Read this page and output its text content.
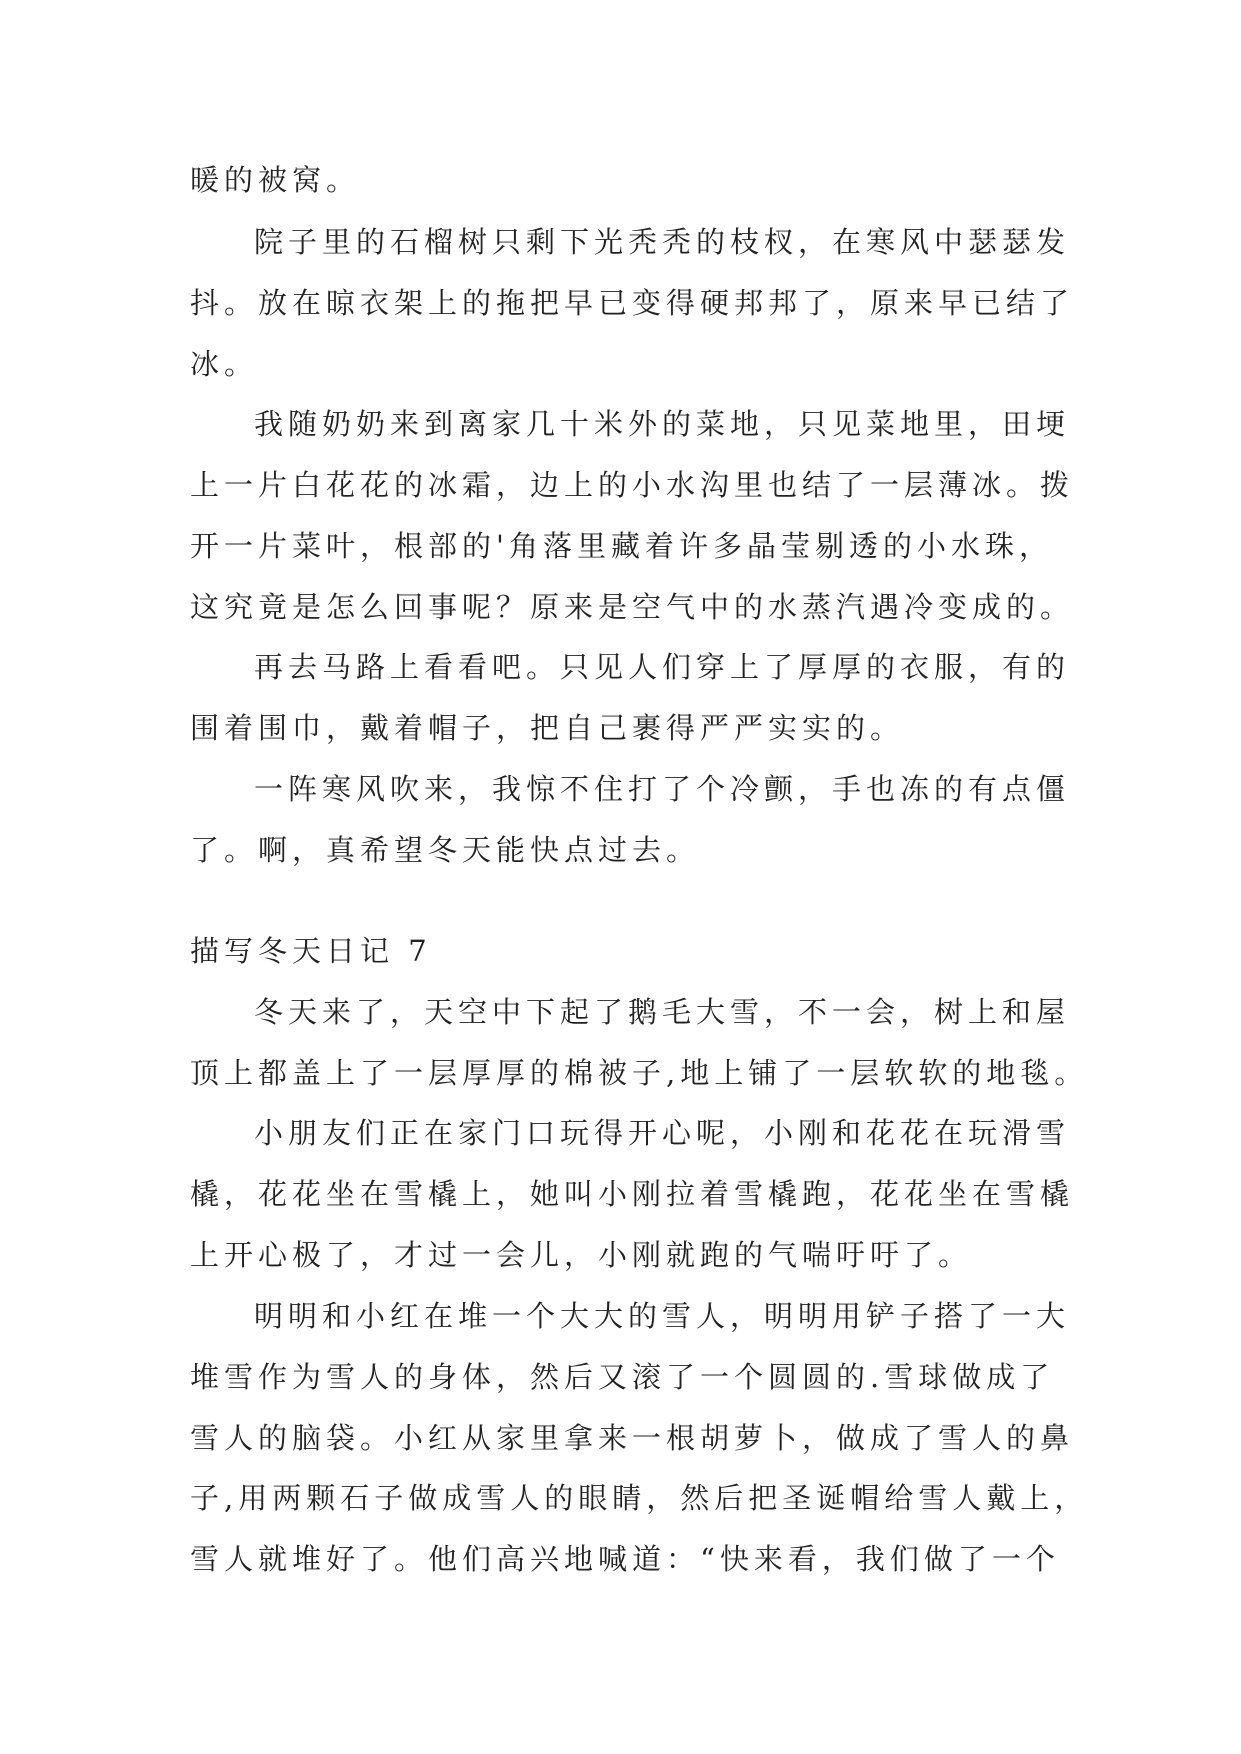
暖的被窝。
院子里的石榴树只剩下光秃秃的枝杈，在寒风中瑟瑟发
抖。放在晾衣架上的拖把早已变得硬邦邦了，原来早已结了
冰。
我随奶奶来到离家几十米外的菜地，只见菜地里，田埂
上一片白花花的冰霜，边上的小水沟里也结了一层薄冰。拨
开一片菜叶，根部的'角落里藏着许多晶莹剔透的小水珠，
这究竟是怎么回事呢？原来是空气中的水蒸汽遇冷变成的。
再去马路上看看吧。只见人们穿上了厚厚的衣服，有的
围着围巾，戴着帽子，把自己裹得严严实实的。
一阵寒风吹来，我惊不住打了个冷颤，手也冻的有点僵
了。啊，真希望冬天能快点过去。
描写冬天日记 7
冬天来了，天空中下起了鹅毛大雪，不一会，树上和屋
顶上都盖上了一层厚厚的棉被子,地上铺了一层软软的地毯。
小朋友们正在家门口玩得开心呢，小刚和花花在玩滑雪
橇，花花坐在雪橇上，她叫小刚拉着雪橇跑，花花坐在雪橇
上开心极了，才过一会儿，小刚就跑的气喘吁吁了。
明明和小红在堆一个大大的雪人，明明用铲子搭了一大
堆雪作为雪人的身体，然后又滚了一个圆圆的.雪球做成了
雪人的脑袋。小红从家里拿来一根胡萝卜，做成了雪人的鼻
子,用两颗石子做成雪人的眼睛，然后把圣诞帽给雪人戴上，
雪人就堆好了。他们高兴地喊道：“快来看，我们做了一个
